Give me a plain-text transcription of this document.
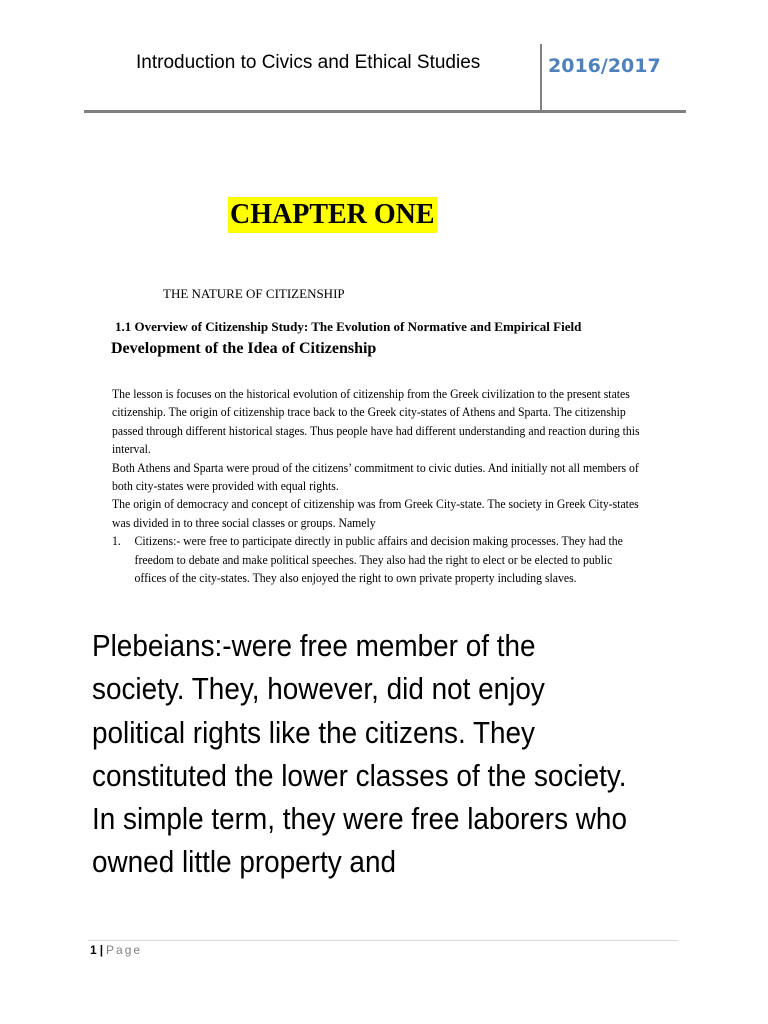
Introduction to Civics and Ethical Studies	2016/2017
CHAPTER ONE
THE NATURE OF CITIZENSHIP
1.1 Overview of Citizenship Study: The Evolution of Normative and Empirical Field
Development of the Idea of Citizenship

The lesson is focuses on the historical evolution of citizenship from the Greek civilization to the present states citizenship. The origin of citizenship trace back to the Greek city-states of Athens and Sparta. The citizenship passed through different historical stages. Thus people have had different understanding and reaction during this interval.

Both Athens and Sparta were proud of the citizens’ commitment to civic duties. And initially not all members of both city-states were provided with equal rights.

The origin of democracy and concept of citizenship was from Greek City-state. The society in Greek City-states was divided in to three social classes or groups. Namely

1.	Citizens:- were free to participate directly in public affairs and decision making processes. They had the freedom to debate and make political speeches. They also had the right to elect or be elected to public offices of the city-states. They also enjoyed the right to own private property including slaves.
Plebeians:-were free member of the society. They, however, did not enjoy political rights like the citizens. They constituted the lower classes of the society. In simple term, they were free laborers who owned little property and
1 | Page
